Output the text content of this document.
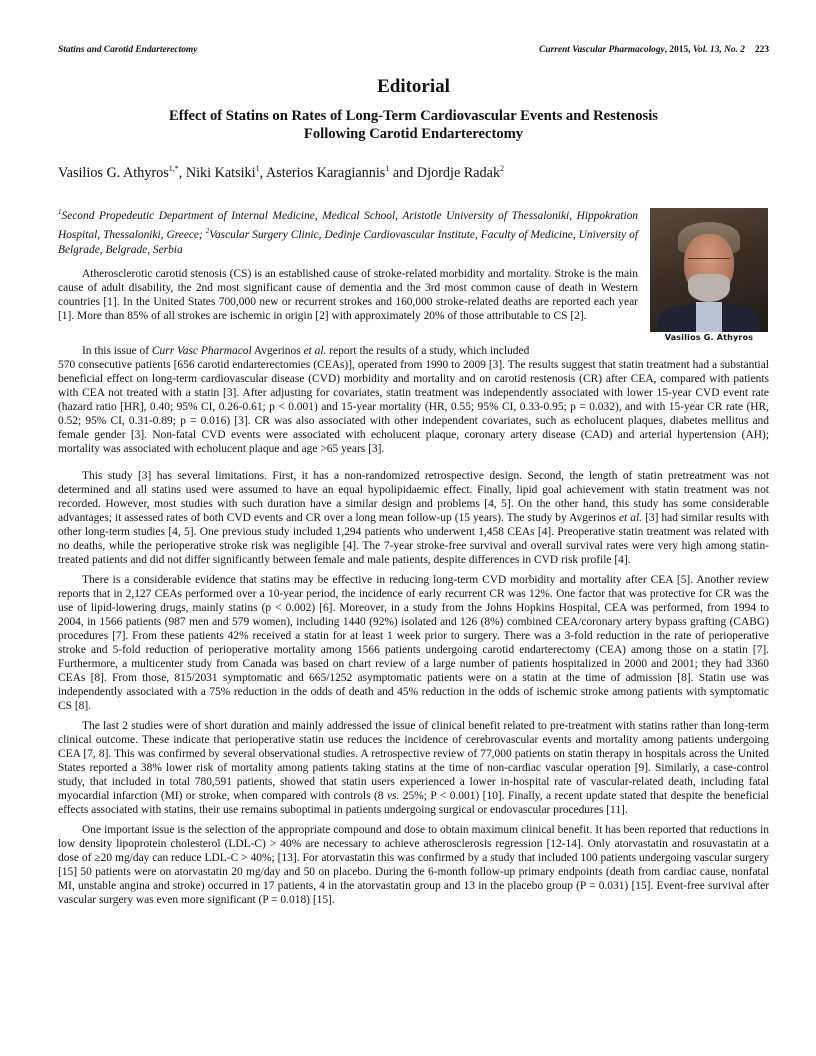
Statins and Carotid Endarterectomy	Current Vascular Pharmacology, 2015, Vol. 13, No. 2 223
Editorial
Effect of Statins on Rates of Long-Term Cardiovascular Events and Restenosis
Following Carotid Endarterectomy
Vasilios G. Athyros$^{1,*}$, Niki Katsiki$^1$, Asterios Karagiannis$^1$ and Djordje Radak$^2$
$^1$Second Propedeutic Department of Internal Medicine, Medical School, Aristotle University of Thessaloniki, Hippokration Hospital, Thessaloniki, Greece; $^2$Vascular Surgery Clinic, Dedinje Cardiovascular Institute, Faculty of Medicine, University of Belgrade, Belgrade, Serbia
Vasilios G. Athyros

Atherosclerotic carotid stenosis (CS) is an established cause of stroke-related morbidity and mortality. Stroke is the main cause of adult disability, the 2nd most significant cause of dementia and the 3rd most common cause of death in Western countries [1]. In the United States 700,000 new or recurrent strokes and 160,000 stroke-related deaths are reported each year [1]. More than 85% of all strokes are ischemic in origin [2] with approximately 20% of those attributable to CS [2].

In this issue of Curr Vasc Pharmacol Avgerinos et al. report the results of a study, which included
570 consecutive patients [656 carotid endarterectomies (CEAs)], operated from 1990 to 2009 [3]. The results suggest that statin treatment had a substantial beneficial effect on long-term cardiovascular disease (CVD) morbidity and mortality and on carotid restenosis (CR) after CEA, compared with patients with CEA not treated with a statin [3]. After adjusting for covariates, statin treatment was independently associated with lower 15-year CVD event rate (hazard ratio [HR], 0.40; 95% CI, 0.26-0.61; p < 0.001) and 15-year mortality (HR, 0.55; 95% CI, 0.33-0.95; p = 0.032), and with 15-year CR rate (HR, 0.52; 95% CI, 0.31-0.89; p = 0.016) [3]. CR was also associated with other independent covariates, such as echolucent plaques, diabetes mellitus and female gender [3]. Non-fatal CVD events were associated with echolucent plaque, coronary artery disease (CAD) and arterial hypertension (AH); mortality was associated with echolucent plaque and age >65 years [3].

This study [3] has several limitations. First, it has a non-randomized retrospective design. Second, the length of statin pretreatment was not determined and all statins used were assumed to have an equal hypolipidaemic effect. Finally, lipid goal achievement with statin treatment was not recorded. However, most studies with such duration have a similar design and problems [4, 5]. On the other hand, this study has some considerable advantages; it assessed rates of both CVD events and CR over a long mean follow-up (15 years). The study by Avgerinos et al. [3] had similar results with other long-term studies [4, 5]. One previous study included 1,294 patients who underwent 1,458 CEAs [4]. Preoperative statin treatment was related with no deaths, while the perioperative stroke risk was negligible [4]. The 7-year stroke-free survival and overall survival rates were very high among statin-treated patients and did not differ significantly between female and male patients, despite differences in CVD risk profile [4].

There is a considerable evidence that statins may be effective in reducing long-term CVD morbidity and mortality after CEA [5]. Another review reports that in 2,127 CEAs performed over a 10-year period, the incidence of early recurrent CR was 12%. One factor that was protective for CR was the use of lipid-lowering drugs, mainly statins (p < 0.002) [6]. Moreover, in a study from the Johns Hopkins Hospital, CEA was performed, from 1994 to 2004, in 1566 patients (987 men and 579 women), including 1440 (92%) isolated and 126 (8%) combined CEA/coronary artery bypass grafting (CABG) procedures [7]. From these patients 42% received a statin for at least 1 week prior to surgery. There was a 3-fold reduction in the rate of perioperative stroke and 5-fold reduction of perioperative mortality among 1566 patients undergoing carotid endarterectomy (CEA) among those on a statin [7]. Furthermore, a multicenter study from Canada was based on chart review of a large number of patients hospitalized in 2000 and 2001; they had 3360 CEAs [8]. From those, 815/2031 symptomatic and 665/1252 asymptomatic patients were on a statin at the time of admission [8]. Statin use was independently associated with a 75% reduction in the odds of death and 45% reduction in the odds of ischemic stroke among patients with symptomatic CS [8].

The last 2 studies were of short duration and mainly addressed the issue of clinical benefit related to pre-treatment with statins rather than long-term clinical outcome. These indicate that perioperative statin use reduces the incidence of cerebrovascular events and mortality among patients undergoing CEA [7, 8]. This was confirmed by several observational studies. A retrospective review of 77,000 patients on statin therapy in hospitals across the United States reported a 38% lower risk of mortality among patients taking statins at the time of non-cardiac vascular operation [9]. Similarly, a case-control study, that included in total 780,591 patients, showed that statin users experienced a lower in-hospital rate of vascular-related death, including fatal myocardial infarction (MI) or stroke, when compared with controls (8 vs. 25%; P < 0.001) [10]. Finally, a recent update stated that despite the beneficial effects associated with statins, their use remains suboptimal in patients undergoing surgical or endovascular procedures [11].

One important issue is the selection of the appropriate compound and dose to obtain maximum clinical benefit. It has been reported that reductions in low density lipoprotein cholesterol (LDL-C) > 40% are necessary to achieve atherosclerosis regression [12-14]. Only atorvastatin and rosuvastatin at a dose of ≥20 mg/day can reduce LDL-C > 40%; [13]. For atorvastatin this was confirmed by a study that included 100 patients undergoing vascular surgery [15] 50 patients were on atorvastatin 20 mg/day and 50 on placebo. During the 6-month follow-up primary endpoints (death from cardiac cause, nonfatal MI, unstable angina and stroke) occurred in 17 patients, 4 in the atorvastatin group and 13 in the placebo group (P = 0.031) [15]. Event-free survival after vascular surgery was even more significant (P = 0.018) [15].
